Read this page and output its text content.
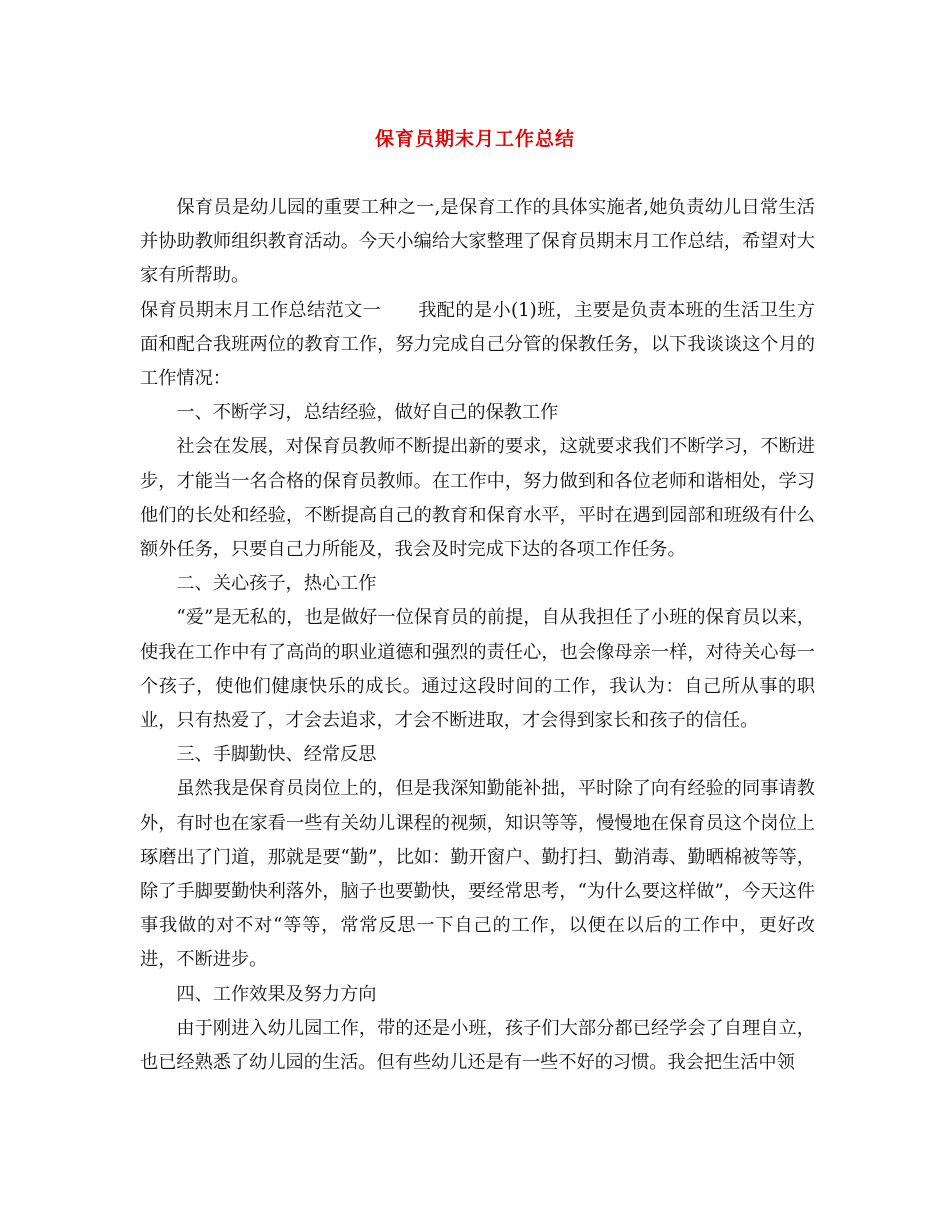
保育员期末月工作总结

保育员是幼儿园的重要工种之一,是保育工作的具体实施者,她负责幼儿日常生活并协助教师组织教育活动。今天小编给大家整理了保育员期末月工作总结，希望对大家有所帮助。

保育员期末月工作总结范文一　　我配的是小(1)班，主要是负责本班的生活卫生方面和配合我班两位的教育工作，努力完成自己分管的保教任务，以下我谈谈这个月的工作情况：

一、不断学习，总结经验，做好自己的保教工作

社会在发展，对保育员教师不断提出新的要求，这就要求我们不断学习，不断进步，才能当一名合格的保育员教师。在工作中，努力做到和各位老师和谐相处，学习他们的长处和经验，不断提高自己的教育和保育水平，平时在遇到园部和班级有什么额外任务，只要自己力所能及，我会及时完成下达的各项工作任务。

二、关心孩子，热心工作

“爱”是无私的，也是做好一位保育员的前提，自从我担任了小班的保育员以来，使我在工作中有了高尚的职业道德和强烈的责任心，也会像母亲一样，对待关心每一个孩子，使他们健康快乐的成长。通过这段时间的工作，我认为：自己所从事的职业，只有热爱了，才会去追求，才会不断进取，才会得到家长和孩子的信任。

三、手脚勤快、经常反思

虽然我是保育员岗位上的，但是我深知勤能补拙，平时除了向有经验的同事请教外，有时也在家看一些有关幼儿课程的视频，知识等等，慢慢地在保育员这个岗位上琢磨出了门道，那就是要“勤”，比如：勤开窗户、勤打扫、勤消毒、勤晒棉被等等，除了手脚要勤快利落外，脑子也要勤快，要经常思考，“为什么要这样做”，今天这件事我做的对不对“等等，常常反思一下自己的工作，以便在以后的工作中，更好改进，不断进步。

四、工作效果及努力方向

由于刚进入幼儿园工作，带的还是小班，孩子们大部分都已经学会了自理自立，也已经熟悉了幼儿园的生活。但有些幼儿还是有一些不好的习惯。我会把生活中领
